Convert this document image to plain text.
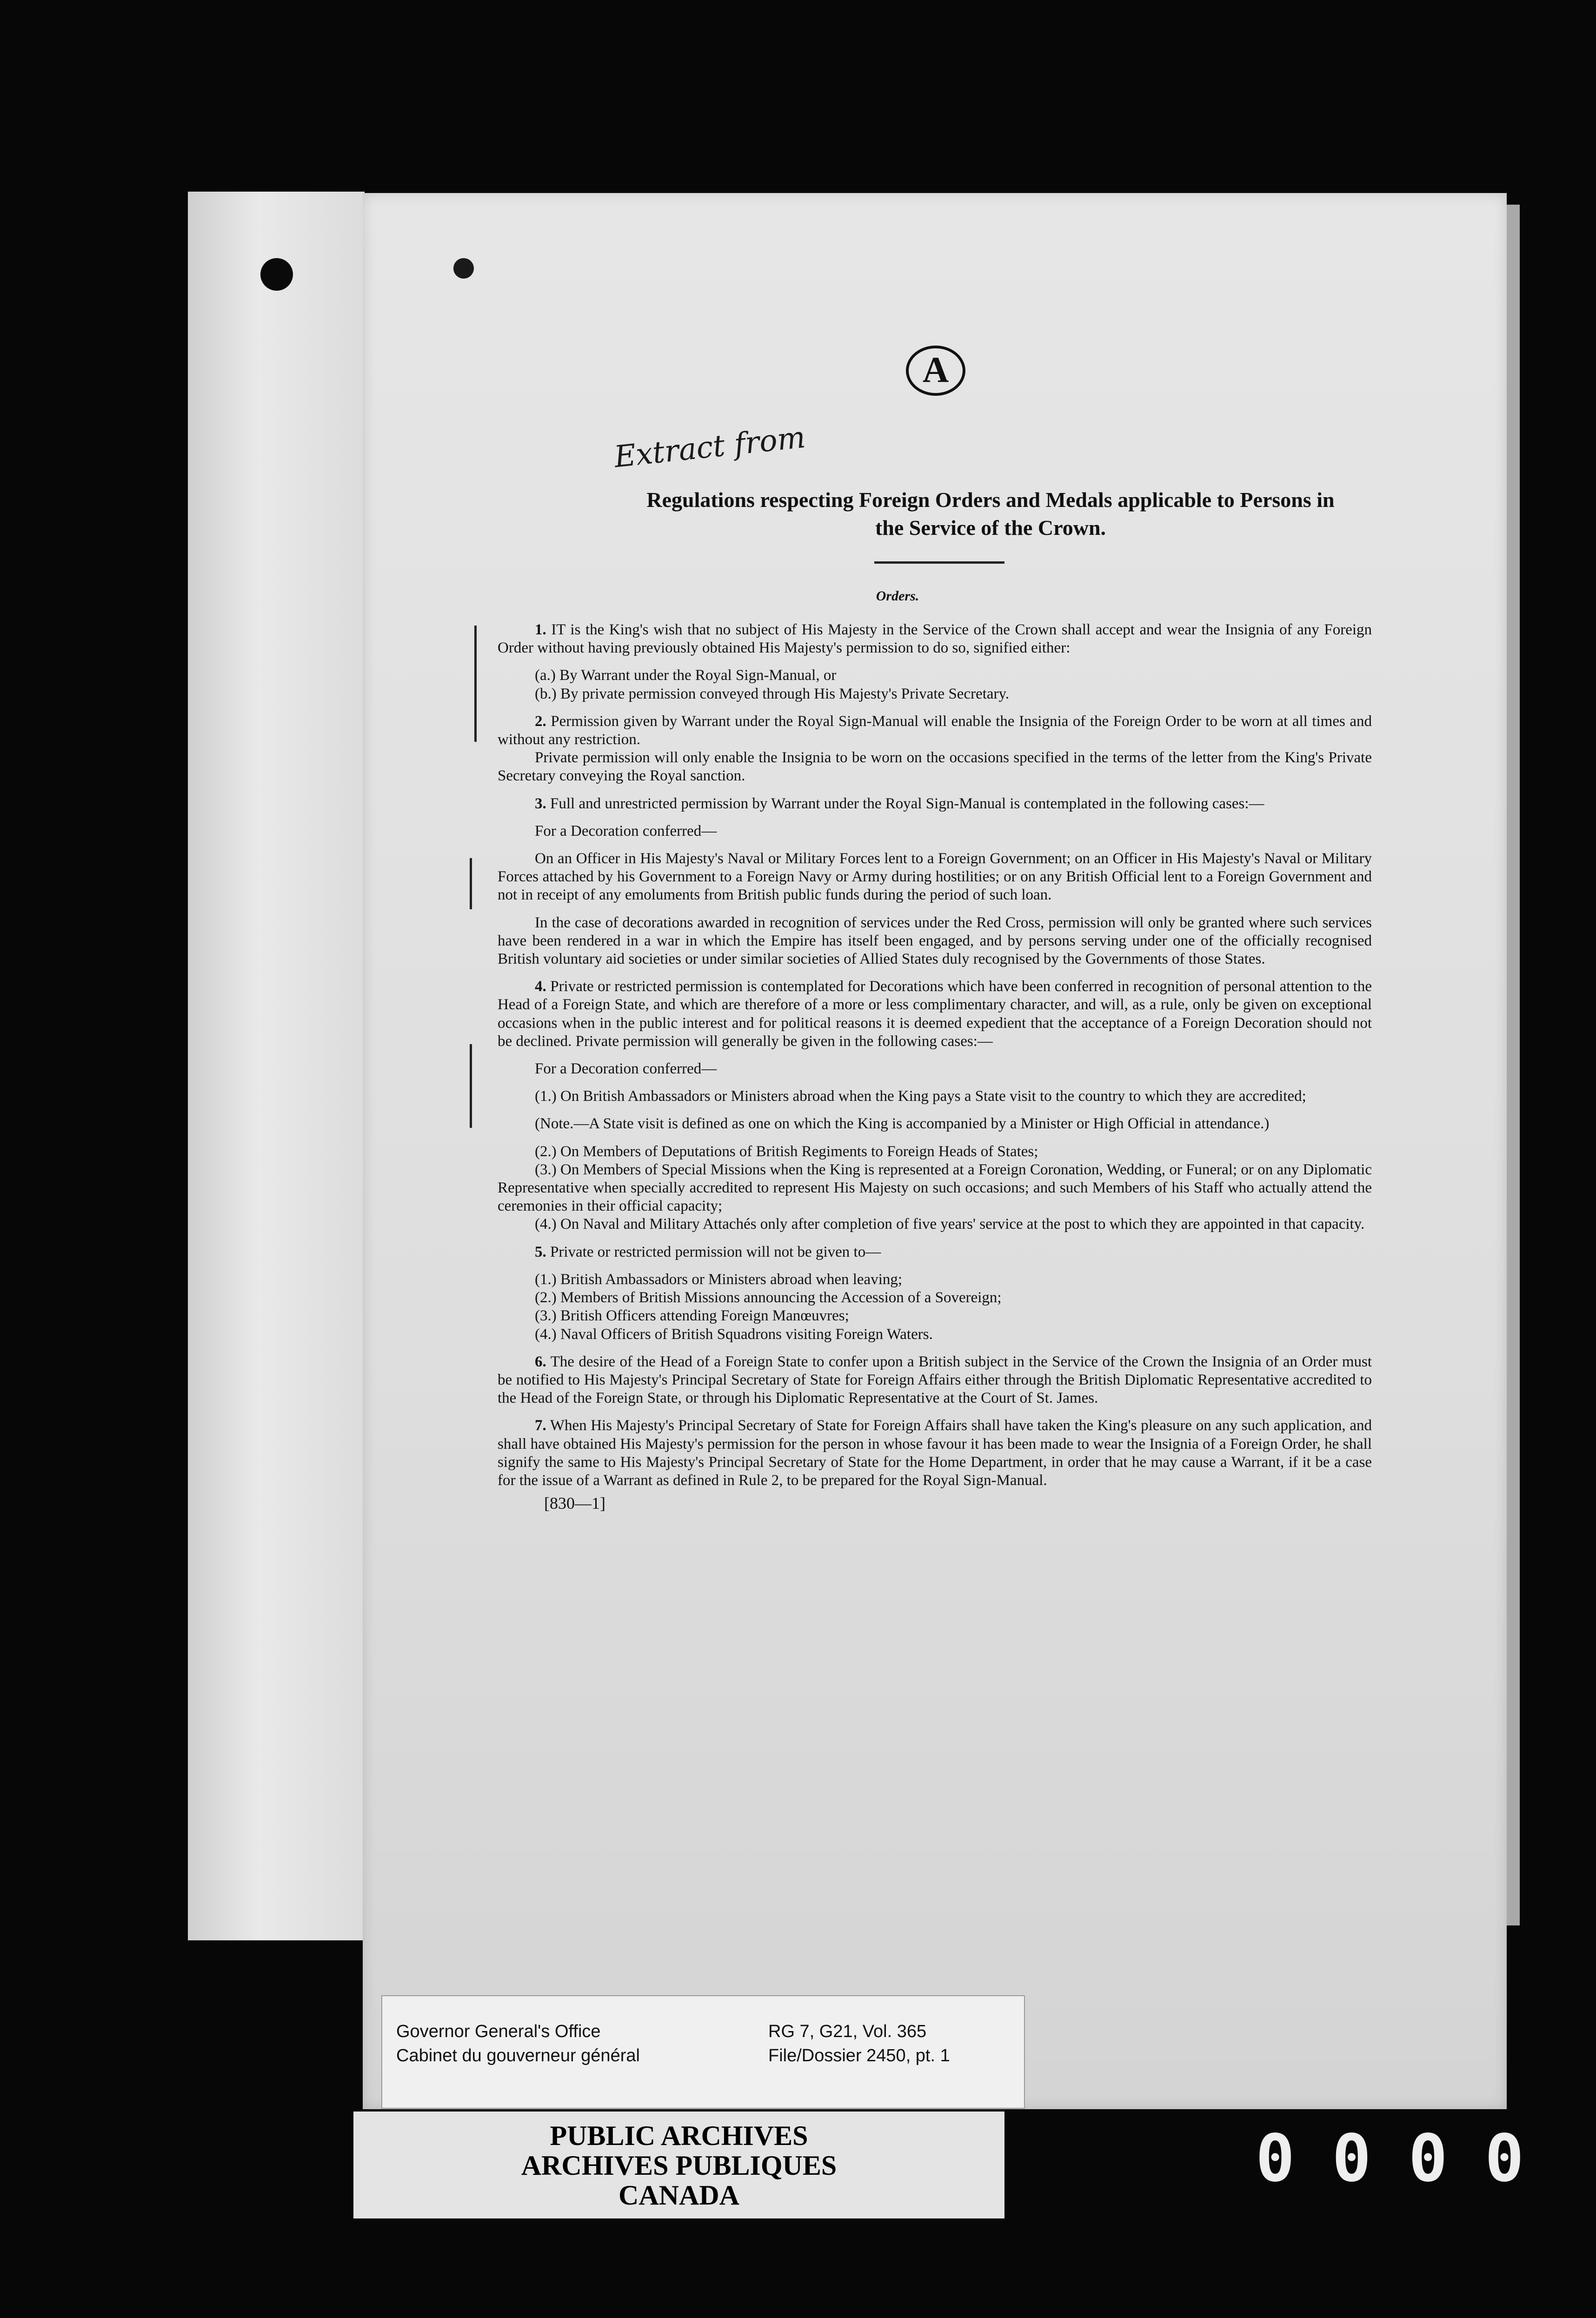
A
Extract from
Regulations respecting Foreign Orders and Medals applicable to Persons in
the Service of the Crown.
Orders.

1. IT is the King's wish that no subject of His Majesty in the Service of the Crown shall accept and wear the Insignia of any Foreign Order without having previously obtained His Majesty's permission to do so, signified either:

(a.) By Warrant under the Royal Sign-Manual, or

(b.) By private permission conveyed through His Majesty's Private Secretary.

2. Permission given by Warrant under the Royal Sign-Manual will enable the Insignia of the Foreign Order to be worn at all times and without any restriction.

Private permission will only enable the Insignia to be worn on the occasions specified in the terms of the letter from the King's Private Secretary conveying the Royal sanction.

3. Full and unrestricted permission by Warrant under the Royal Sign-Manual is contemplated in the following cases:—

For a Decoration conferred—

On an Officer in His Majesty's Naval or Military Forces lent to a Foreign Government; on an Officer in His Majesty's Naval or Military Forces attached by his Government to a Foreign Navy or Army during hostilities; or on any British Official lent to a Foreign Government and not in receipt of any emoluments from British public funds during the period of such loan.

In the case of decorations awarded in recognition of services under the Red Cross, permission will only be granted where such services have been rendered in a war in which the Empire has itself been engaged, and by persons serving under one of the officially recognised British voluntary aid societies or under similar societies of Allied States duly recognised by the Governments of those States.

4. Private or restricted permission is contemplated for Decorations which have been conferred in recognition of personal attention to the Head of a Foreign State, and which are therefore of a more or less complimentary character, and will, as a rule, only be given on exceptional occasions when in the public interest and for political reasons it is deemed expedient that the acceptance of a Foreign Decoration should not be declined. Private permission will generally be given in the following cases:—

For a Decoration conferred—

(1.) On British Ambassadors or Ministers abroad when the King pays a State visit to the country to which they are accredited;

(Note.—A State visit is defined as one on which the King is accompanied by a Minister or High Official in attendance.)

(2.) On Members of Deputations of British Regiments to Foreign Heads of States;

(3.) On Members of Special Missions when the King is represented at a Foreign Coronation, Wedding, or Funeral; or on any Diplomatic Representative when specially accredited to represent His Majesty on such occasions; and such Members of his Staff who actually attend the ceremonies in their official capacity;

(4.) On Naval and Military Attachés only after completion of five years' service at the post to which they are appointed in that capacity.

5. Private or restricted permission will not be given to—

(1.) British Ambassadors or Ministers abroad when leaving;

(2.) Members of British Missions announcing the Accession of a Sovereign;

(3.) British Officers attending Foreign Manœuvres;

(4.) Naval Officers of British Squadrons visiting Foreign Waters.

6. The desire of the Head of a Foreign State to confer upon a British subject in the Service of the Crown the Insignia of an Order must be notified to His Majesty's Principal Secretary of State for Foreign Affairs either through the British Diplomatic Representative accredited to the Head of the Foreign State, or through his Diplomatic Representative at the Court of St. James.

7. When His Majesty's Principal Secretary of State for Foreign Affairs shall have taken the King's pleasure on any such application, and shall have obtained His Majesty's permission for the person in whose favour it has been made to wear the Insignia of a Foreign Order, he shall signify the same to His Majesty's Principal Secretary of State for the Home Department, in order that he may cause a Warrant, if it be a case for the issue of a Warrant as defined in Rule 2, to be prepared for the Royal Sign-Manual.

[830—1]
Governor General's Office
Cabinet du gouverneur général
RG 7, G21, Vol. 365
File/Dossier 2450, pt. 1
PUBLIC ARCHIVES
ARCHIVES PUBLIQUES
CANADA	0000
